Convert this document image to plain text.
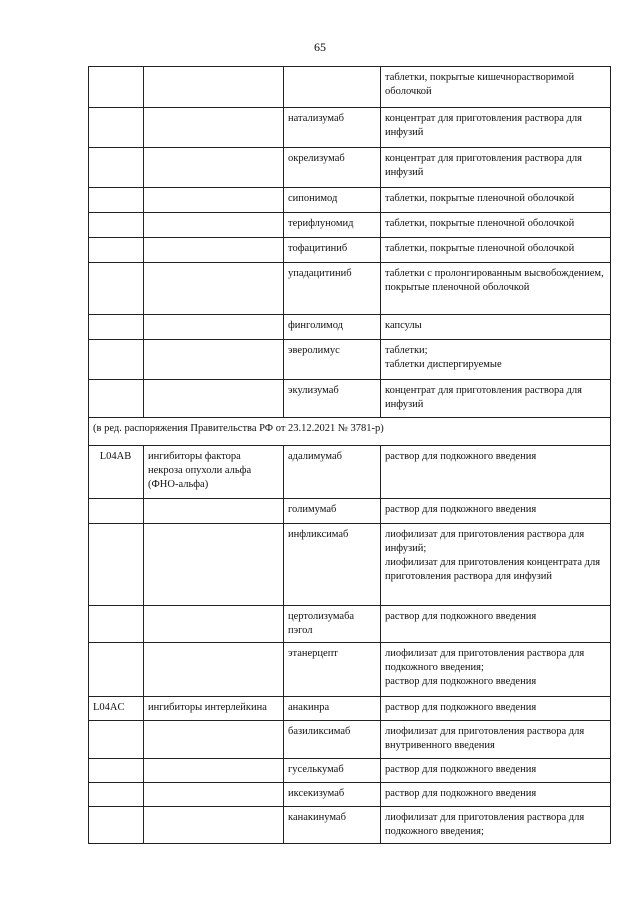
65

			таблетки, покрытые кишечнорастворимой оболочкой

		натализумаб	концентрат для приготовления раствора для инфузий

		окрелизумаб	концентрат для приготовления раствора для инфузий

		сипонимод	таблетки, покрытые пленочной оболочкой

		терифлуномид	таблетки, покрытые пленочной оболочкой

		тофацитиниб	таблетки, покрытые пленочной оболочкой

		упадацитиниб	таблетки с пролонгированным высвобождением, покрытые пленочной оболочкой

		финголимод	капсулы

		эверолимус	таблетки;
таблетки диспергируемые

		экулизумаб	концентрат для приготовления раствора для инфузий

(в ред. распоряжения Правительства РФ от 23.12.2021 № 3781-р)			
L04AB	ингибиторы фактора некроза опухоли альфа (ФНО-альфа)	адалимумаб	раствор для подкожного введения

		голимумаб	раствор для подкожного введения

		инфликсимаб	лиофилизат для приготовления раствора для инфузий;
лиофилизат для приготовления концентрата для приготовления раствора для инфузий

		цертолизумаба пэгол	раствор для подкожного введения

		этанерцепт	лиофилизат для приготовления раствора для подкожного введения;
раствор для подкожного введения

L04AC	ингибиторы интерлейкина	анакинра	раствор для подкожного введения

		базиликсимаб	лиофилизат для приготовления раствора для внутривенного введения

		гуселькумаб	раствор для подкожного введения

		иксекизумаб	раствор для подкожного введения

		канакинумаб	лиофилизат для приготовления раствора для подкожного введения;
